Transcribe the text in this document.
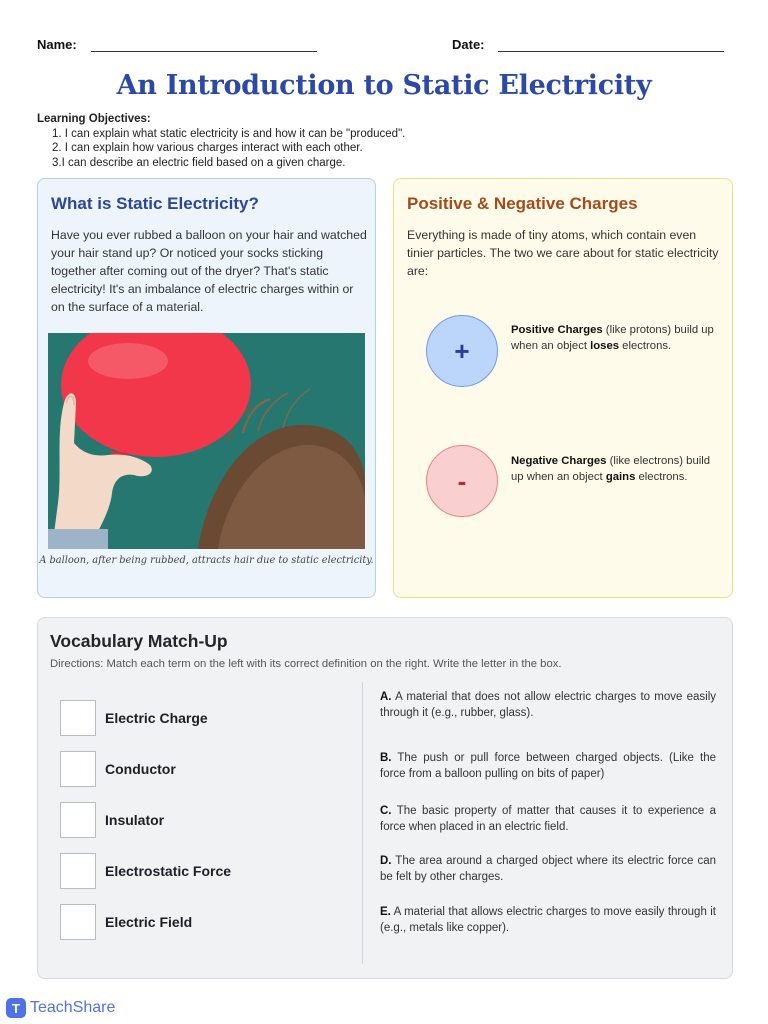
Name:	Date:
An Introduction to Static Electricity
Learning Objectives:
1. I can explain what static electricity is and how it can be "produced".
2. I can explain how various charges interact with each other.
3.I can describe an electric field based on a given charge.
What is Static Electricity?
Have you ever rubbed a balloon on your hair and watched your hair stand up? Or noticed your socks sticking together after coming out of the dryer? That's static electricity! It's an imbalance of electric charges within or on the surface of a material.
A balloon, after being rubbed, attracts hair due to static electricity.
Positive & Negative Charges
Everything is made of tiny atoms, which contain even tinier particles. The two we care about for static electricity are:
+
Positive Charges (like protons) build up when an object loses electrons.
-
Negative Charges (like electrons) build up when an object gains electrons.
Vocabulary Match-Up
Directions: Match each term on the left with its correct definition on the right. Write the letter in the box.
Electric Charge
Conductor
Insulator
Electrostatic Force
Electric Field
A. A material that does not allow electric charges to move easily through it (e.g., rubber, glass).
B. The push or pull force between charged objects. (Like the force from a balloon pulling on bits of paper)
C. The basic property of matter that causes it to experience a force when placed in an electric field.
D. The area around a charged object where its electric force can be felt by other charges.
E. A material that allows electric charges to move easily through it (e.g., metals like copper).
T TeachShare
